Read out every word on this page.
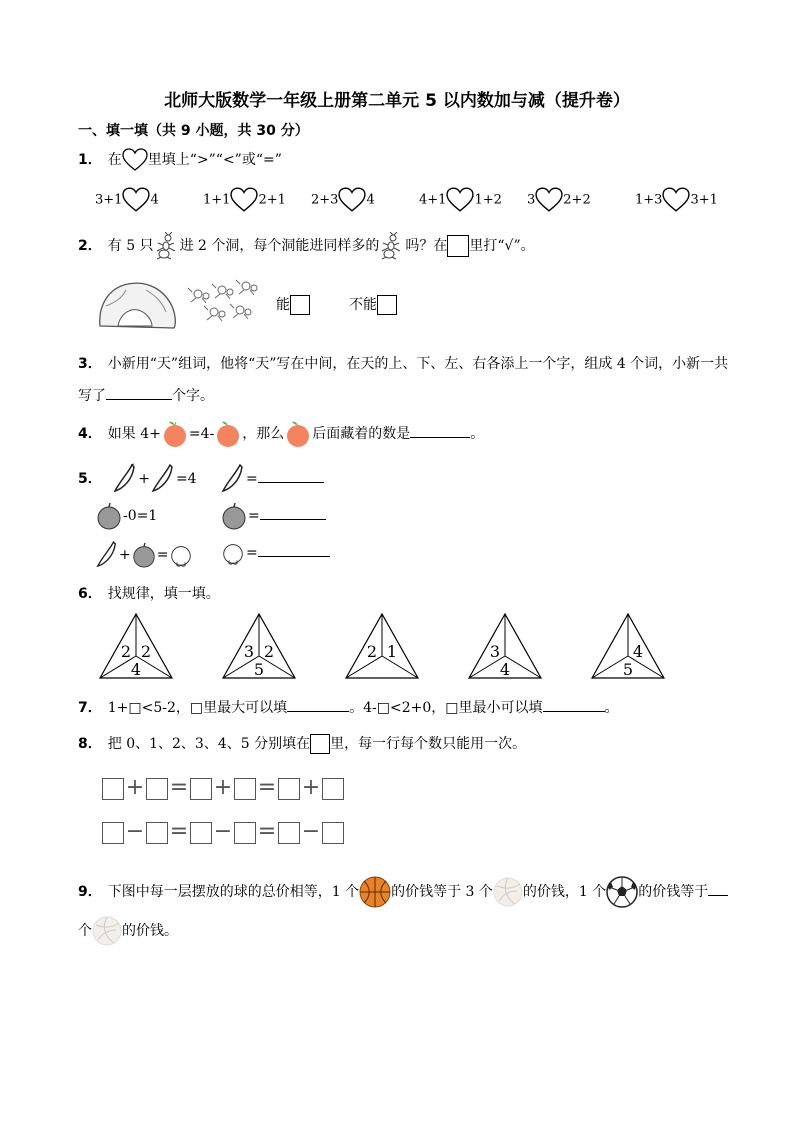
北师大版数学一年级上册第二单元 5 以内数加与减（提升卷）
一、填一填（共 9 小题，共 30 分）
1． 在 里填上“>”“<”或“=”
3+1 4	1+1 2+1 2+3 4	4+1 1+2 3 2+2	1+3 3+1
2． 有 5 只 进 2 个洞，每个洞能进同样多的 吗？在 里打“√”。
能	不能
3． 小新用“天”组词，他将“天”写在中间，在天的上、下、左、右各添上一个字，组成 4 个词，小新一共
写了	个字。
4． 如果 4+ =4- ，那么 后面藏着的数是	。
5．	+ =4	=
-0=1	=
+ =	=
6． 找规律，填一填。
2 2
4
3 2
5
2 1	3
4
4
5
7． 1+□<5-2，□里最大可以填	。4-□<2+0，□里最小可以填	。
8． 把 0、1、2、3、4、5 分别填在 里，每一行每个数只能用一次。
+ = + = +
− = − = −
9． 下图中每一层摆放的球的总价相等，1 个 的价钱等于 3 个 的价钱，1 个 的价钱等于
个 的价钱。
